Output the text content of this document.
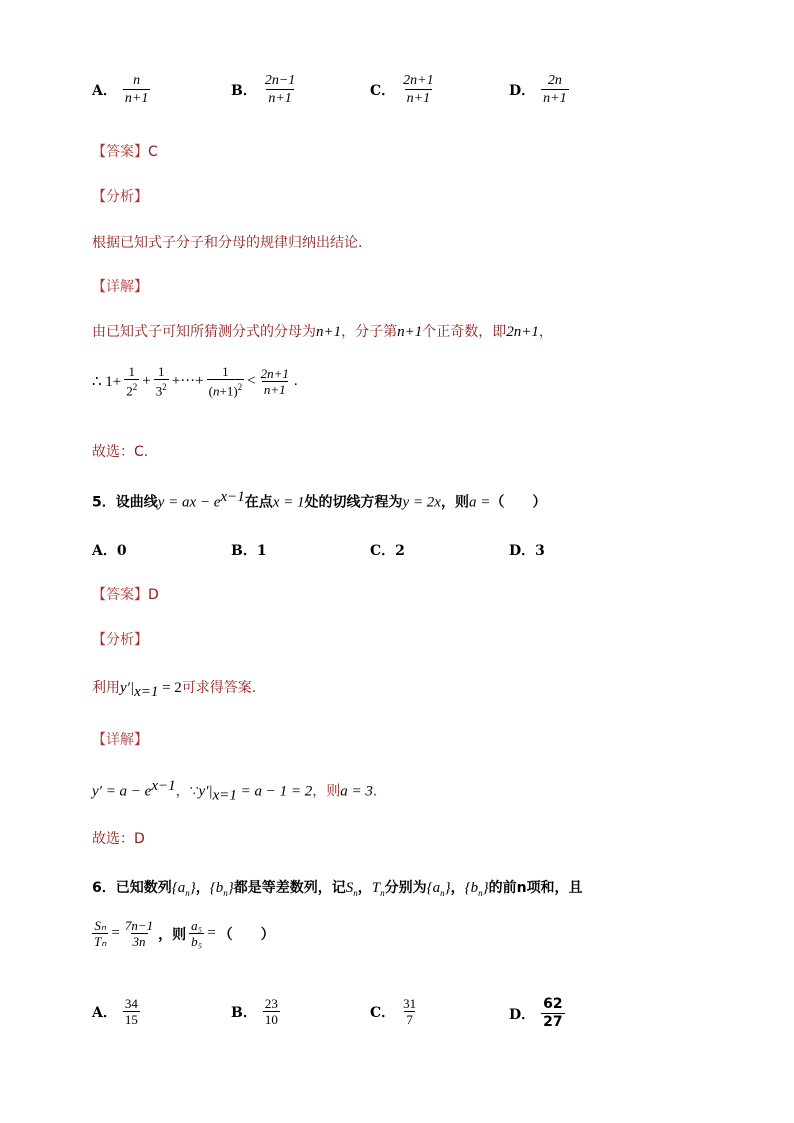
A． $\frac{n}{n+1}$	B． $\frac{2n-1}{n+1}$	C． $\frac{2n+1}{n+1}$	D． $\frac{2n}{n+1}$
【答案】C
【分析】
根据已知式子分子和分母的规律归纳出结论.
【详解】
由已知式子可知所猜测分式的分母为n+1，分子第n+1个正奇数，即2n+1，
∴ $1+ \frac{1}{2^2} + \frac{1}{3^2}$ +···+ $\frac{1}{(n+1)^2} < \frac{2n+1}{n+1}$ .
故选：C.
5．设曲线y = ax − $e^{x-1}$在点x = 1处的切线方程为y = 2x，则a =（　　）
A．0	B．1	C．2	D．3
【答案】D
【分析】
利用$y'|_{x=1} = 2$可求得答案.
【详解】
$y' = a - e^{x-1}$，$\because y'|_{x=1} = a - 1 = 2$，则a = 3.
故选：D
6．已知数列$\{a_n\}$，$\{b_n\}$都是等差数列，记$S_n$，$T_n$分别为$\{a_n\}$，$\{b_n\}$的前n项和，且
$\frac{\text{Sₙ}}{\text{Tₙ}} = \frac{7n-1}{3n}$ ，则 $\frac{\text{a₅}}{\text{b₅}}$ = （　　）
A． $\frac{34}{15}$	B． $\frac{23}{10}$	C． $\frac{31}{7}$	D． $\frac{62}{27}$
